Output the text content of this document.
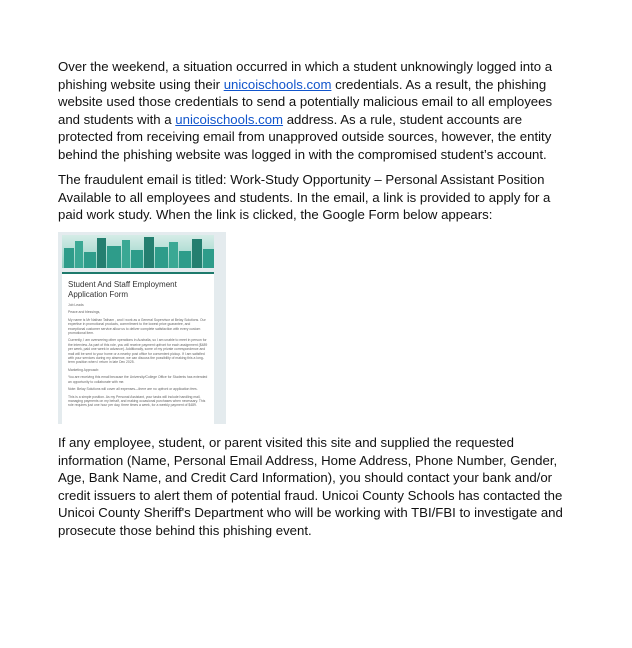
Over the weekend, a situation occurred in which a student unknowingly logged into a
phishing website using their unicoischools.com credentials. As a result, the phishing
website used those credentials to send a potentially malicious email to all employees
and students with a unicoischools.com address. As a rule, student accounts are
protected from receiving email from unapproved outside sources, however, the entity
behind the phishing website was logged in with the compromised student’s account.
The fraudulent email is titled: Work-Study Opportunity – Personal Assistant Position
Available to all employees and students. In the email, a link is provided to apply for a
paid work study. When the link is clicked, the Google Form below appears:
Student And Staff Employment Application Form
Job Leads
Peace and blessings,
My name is Mr Nathan Tatham , and I work as a General Supervisor at Belay Solutions. Our expertise in promotional products, commitment to the lowest price guarantee, and exceptional customer service allow us to deliver complete satisfaction with every custom promotional item.
Currently, I am overseeing other operations in Australia, so I am unable to meet in person for the interview. As part of this role, you will receive payment upfront for each assignment ($489 per week, paid one week in advance). Additionally, some of my private correspondence and mail will be sent to your home or a nearby post office for convenient pickup. If I am satisfied with your services during my absence, we can discuss the possibility of making this a long-term position when I return in late Dec 2025.
Marketing Approach:
You are receiving this email because the University/College Office for Students has extended an opportunity to collaborate with me.
Note: Belay Solutions will cover all expenses—there are no upfront or application fees.
This is a simple position. As my Personal Assistant, your tasks will include handling mail, managing payments on my behalf, and making occasional purchases when necessary. This role requires just one hour per day, three times a week, for a weekly payment of $489.
If any employee, student, or parent visited this site and supplied the requested
information (Name, Personal Email Address, Home Address, Phone Number, Gender,
Age, Bank Name, and Credit Card Information), you should contact your bank and/or
credit issuers to alert them of potential fraud. Unicoi County Schools has contacted the
Unicoi County Sheriff's Department who will be working with TBI/FBI to investigate and
prosecute those behind this phishing event.
